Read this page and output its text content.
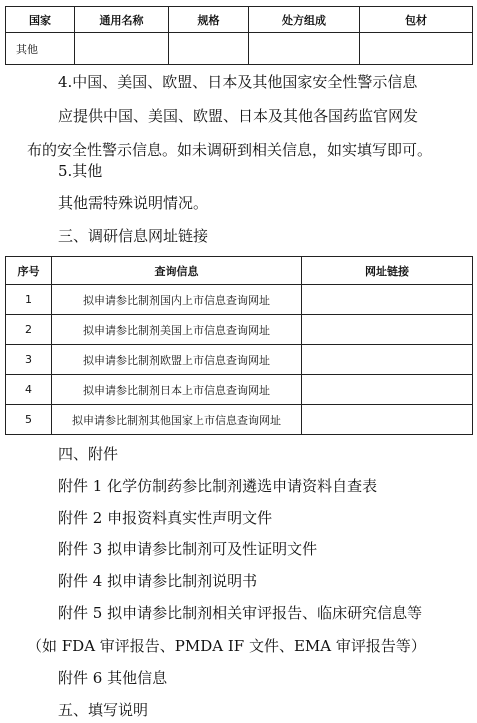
国家	通用名称	规格	处方组成	包材
其他				
4.中国、美国、欧盟、日本及其他国家安全性警示信息
应提供中国、美国、欧盟、日本及其他各国药监官网发
布的安全性警示信息。如未调研到相关信息，如实填写即可。
5.其他
其他需特殊说明情况。
三、调研信息网址链接
序号	查询信息	网址链接
1	拟申请参比制剂国内上市信息查询网址	
2	拟申请参比制剂美国上市信息查询网址	
3	拟申请参比制剂欧盟上市信息查询网址	
4	拟申请参比制剂日本上市信息查询网址	
5	拟申请参比制剂其他国家上市信息查询网址	
四、附件
附件 1 化学仿制药参比制剂遴选申请资料自查表
附件 2 申报资料真实性声明文件
附件 3 拟申请参比制剂可及性证明文件
附件 4 拟申请参比制剂说明书
附件 5 拟申请参比制剂相关审评报告、临床研究信息等
（如 FDA 审评报告、PMDA IF 文件、EMA 审评报告等）
附件 6 其他信息
五、填写说明
